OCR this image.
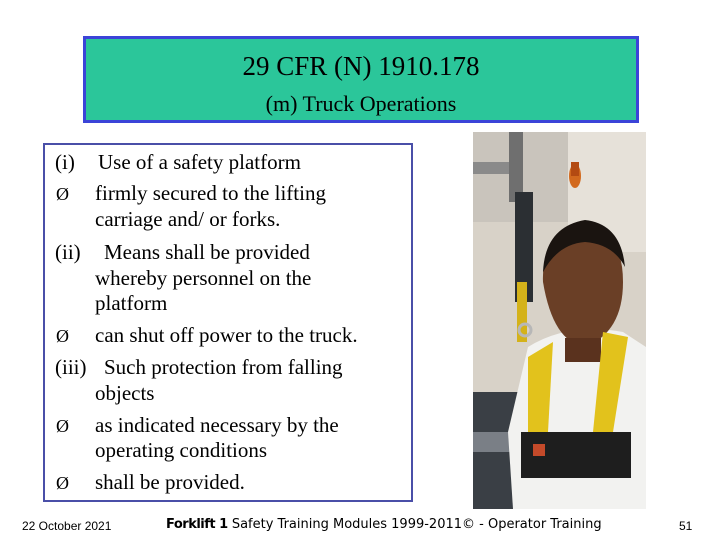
29 CFR (N) 1910.178
(m) Truck Operations
(i) Use of a safety platform
Ø firmly secured to the lifting
carriage and/ or forks.
(ii) Means shall be provided
whereby personnel on the
platform
Ø can shut off power to the truck.
(iii) Such protection from falling
objects
Ø as indicated necessary by the
operating conditions
Ø shall be provided.
22 October 2021	Forklift 1 Safety Training Modules 1999-2011© - Operator Training	51
